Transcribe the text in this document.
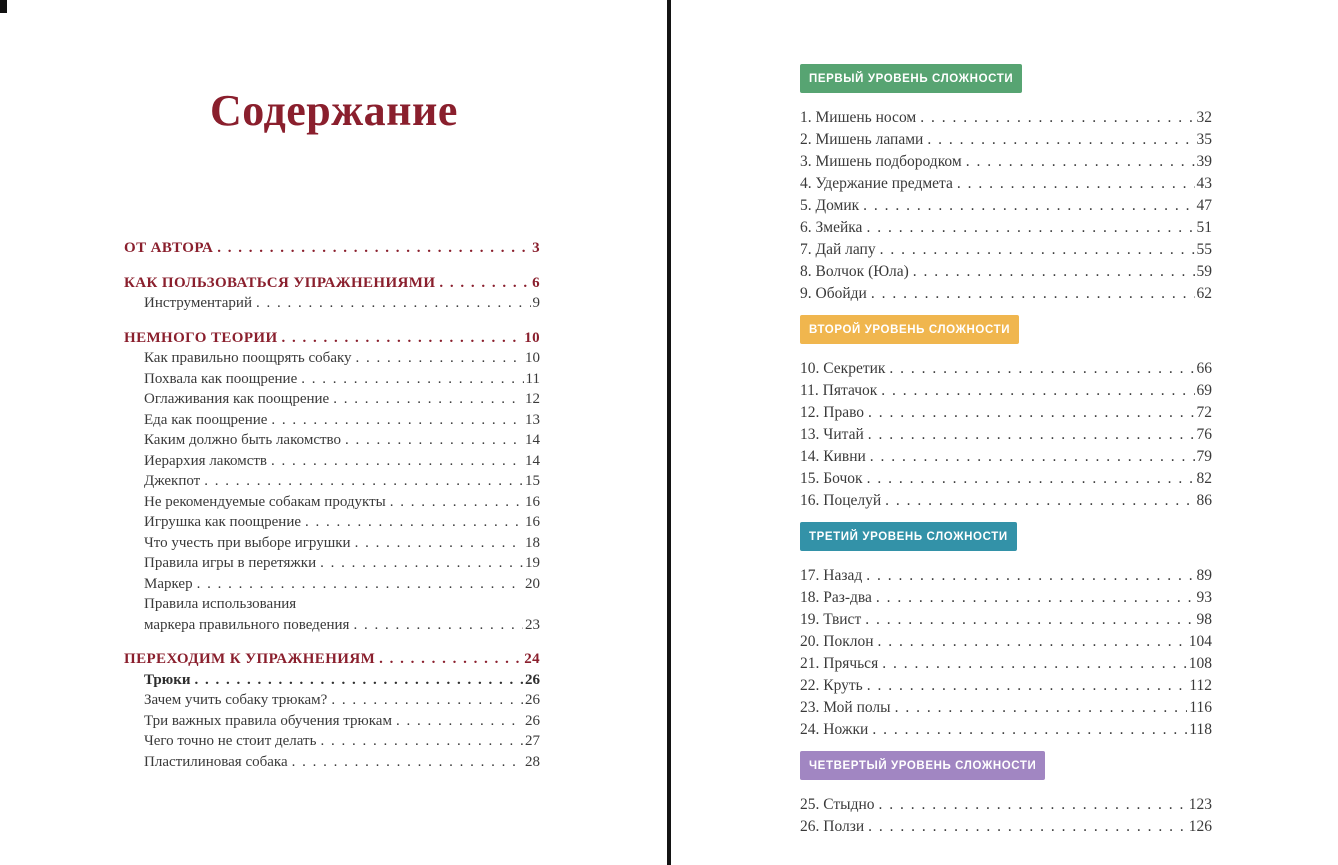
Содержание
ОТ АВТОРА . . .	3
КАК ПОЛЬЗОВАТЬСЯ УПРАЖНЕНИЯМИ . . .	6
Инструментарий . . .	9
НЕМНОГО ТЕОРИИ . . .	10
Как правильно поощрять собаку . . .	10
Похвала как поощрение . . .	11
Оглаживания как поощрение . . .	12
Еда как поощрение . . .	13
Каким должно быть лакомство . . .	14
Иерархия лакомств . . .	14
Джекпот . . .	15
Не рекомендуемые собакам продукты . . .	16
Игрушка как поощрение . . .	16
Что учесть при выборе игрушки . . .	18
Правила игры в перетяжки . . .	19
Маркер . . .	20
Правила использования
маркера правильного поведения . . .	23
ПЕРЕХОДИМ К УПРАЖНЕНИЯМ . . .	24
Трюки . . .	26
Зачем учить собаку трюкам? . . .	26
Три важных правила обучения трюкам . . .	26
Чего точно не стоит делать . . .	27
Пластилиновая собака . . .	28
ПЕРВЫЙ УРОВЕНЬ СЛОЖНОСТИ
1. Мишень носом . . .	32
2. Мишень лапами . . .	35
3. Мишень подбородком . . .	39
4. Удержание предмета . . .	43
5. Домик . . .	47
6. Змейка . . .	51
7. Дай лапу . . .	55
8. Волчок (Юла) . . .	59
9. Обойди . . .	62
ВТОРОЙ УРОВЕНЬ СЛОЖНОСТИ
10. Секретик . . .	66
11. Пятачок . . .	69
12. Право . . .	72
13. Читай . . .	76
14. Кивни . . .	79
15. Бочок . . .	82
16. Поцелуй . . .	86
ТРЕТИЙ УРОВЕНЬ СЛОЖНОСТИ
17. Назад . . .	89
18. Раз-два . . .	93
19. Твист . . .	98
20. Поклон . . .	104
21. Прячься . . .	108
22. Круть . . .	112
23. Мой полы . . .	116
24. Ножки . . .	118
ЧЕТВЕРТЫЙ УРОВЕНЬ СЛОЖНОСТИ
25. Стыдно . . .	123
26. Ползи . . .	126
